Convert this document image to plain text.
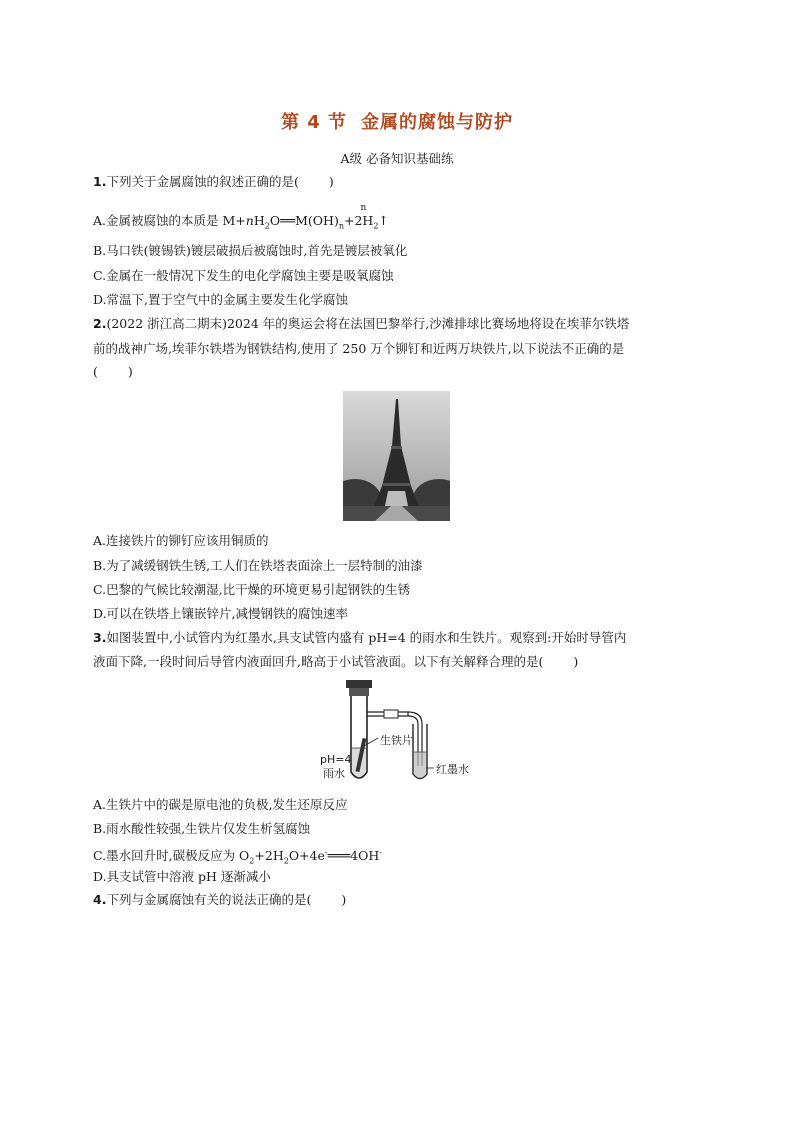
第 4 节 金属的腐蚀与防护
A级 必备知识基础练
1.下列关于金属腐蚀的叙述正确的是( )
A.金属被腐蚀的本质是 $M+nH_2O══M(OH)_n+$
n
$2H_2↑$
B.马口铁(镀锡铁)镀层破损后被腐蚀时,首先是镀层被氧化
C.金属在一般情况下发生的电化学腐蚀主要是吸氧腐蚀
D.常温下,置于空气中的金属主要发生化学腐蚀
2.(2022 浙江高二期末)2024 年的奥运会将在法国巴黎举行,沙滩排球比赛场地将设在埃菲尔铁塔
前的战神广场,埃菲尔铁塔为钢铁结构,使用了 250 万个铆钉和近两万块铁片,以下说法不正确的是
( )
A.连接铁片的铆钉应该用铜质的
B.为了减缓钢铁生锈,工人们在铁塔表面涂上一层特制的油漆
C.巴黎的气候比较潮湿,比干燥的环境更易引起钢铁的生锈
D.可以在铁塔上镶嵌锌片,减慢钢铁的腐蚀速率
3.如图装置中,小试管内为红墨水,具支试管内盛有 pH=4 的雨水和生铁片。观察到:开始时导管内
液面下降,一段时间后导管内液面回升,略高于小试管液面。以下有关解释合理的是( )
生铁片
pH=4
雨水	红墨水
A.生铁片中的碳是原电池的负极,发生还原反应
B.雨水酸性较强,生铁片仅发生析氢腐蚀
C.墨水回升时,碳极反应为 $O_2+2H_2O+4e^-═══4OH^-$
D.具支试管中溶液 pH 逐渐减小
4.下列与金属腐蚀有关的说法正确的是( )
